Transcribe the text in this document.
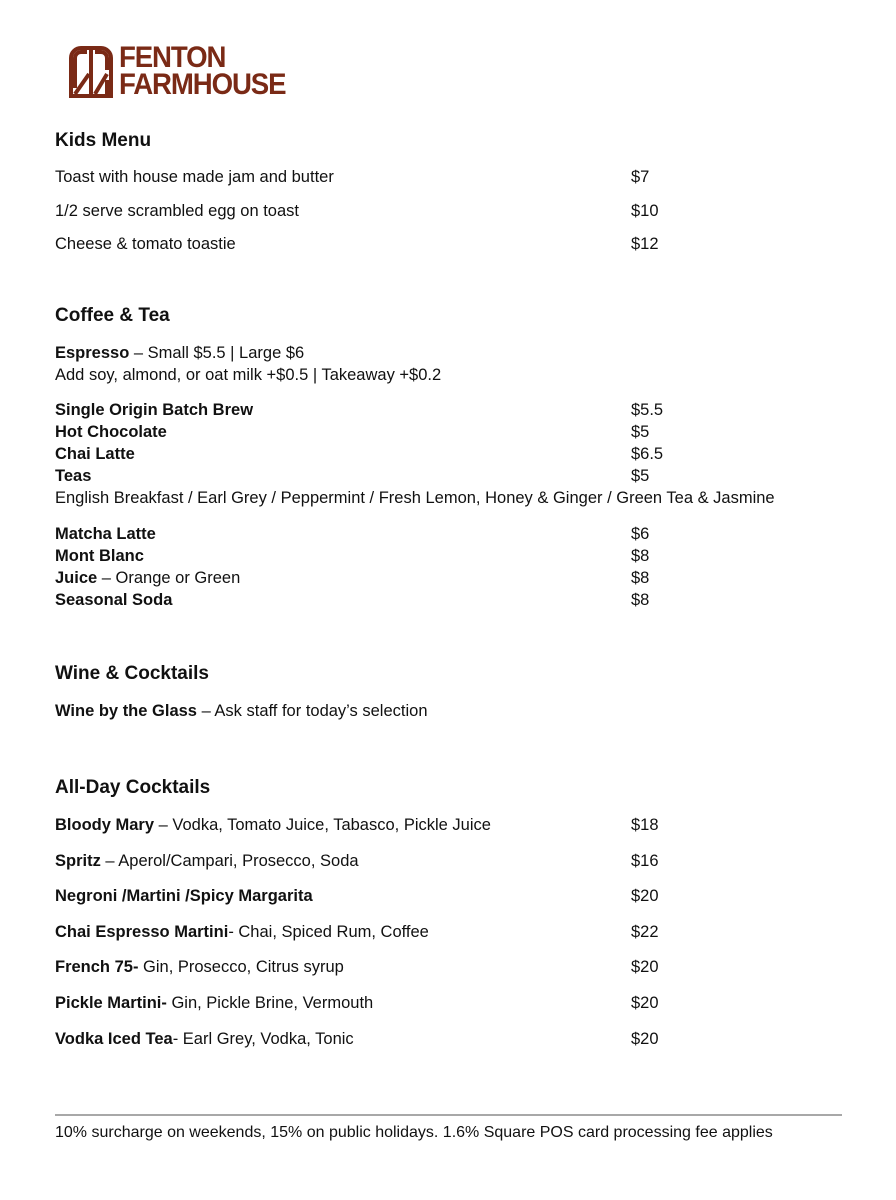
FENTON
FARMHOUSE
Kids Menu
Toast with house made jam and butter	$7
1/2 serve scrambled egg on toast	$10
Cheese & tomato toastie	$12
Coffee & Tea
Espresso – Small $5.5 | Large $6
Add soy, almond, or oat milk +$0.5 | Takeaway +$0.2
Single Origin Batch Brew	$5.5
Hot Chocolate	$5
Chai Latte	$6.5
Teas	$5
English Breakfast / Earl Grey / Peppermint / Fresh Lemon, Honey & Ginger / Green Tea & Jasmine
Matcha Latte	$6
Mont Blanc	$8
Juice – Orange or Green	$8
Seasonal Soda	$8
Wine & Cocktails
Wine by the Glass – Ask staff for today’s selection
All-Day Cocktails
Bloody Mary – Vodka, Tomato Juice, Tabasco, Pickle Juice	$18
Spritz – Aperol/Campari, Prosecco, Soda	$16
Negroni /Martini /Spicy Margarita	$20
Chai Espresso Martini- Chai, Spiced Rum, Coffee	$22
French 75- Gin, Prosecco, Citrus syrup	$20
Pickle Martini- Gin, Pickle Brine, Vermouth	$20
Vodka Iced Tea- Earl Grey, Vodka, Tonic	$20
10% surcharge on weekends, 15% on public holidays. 1.6% Square POS card processing fee applies
